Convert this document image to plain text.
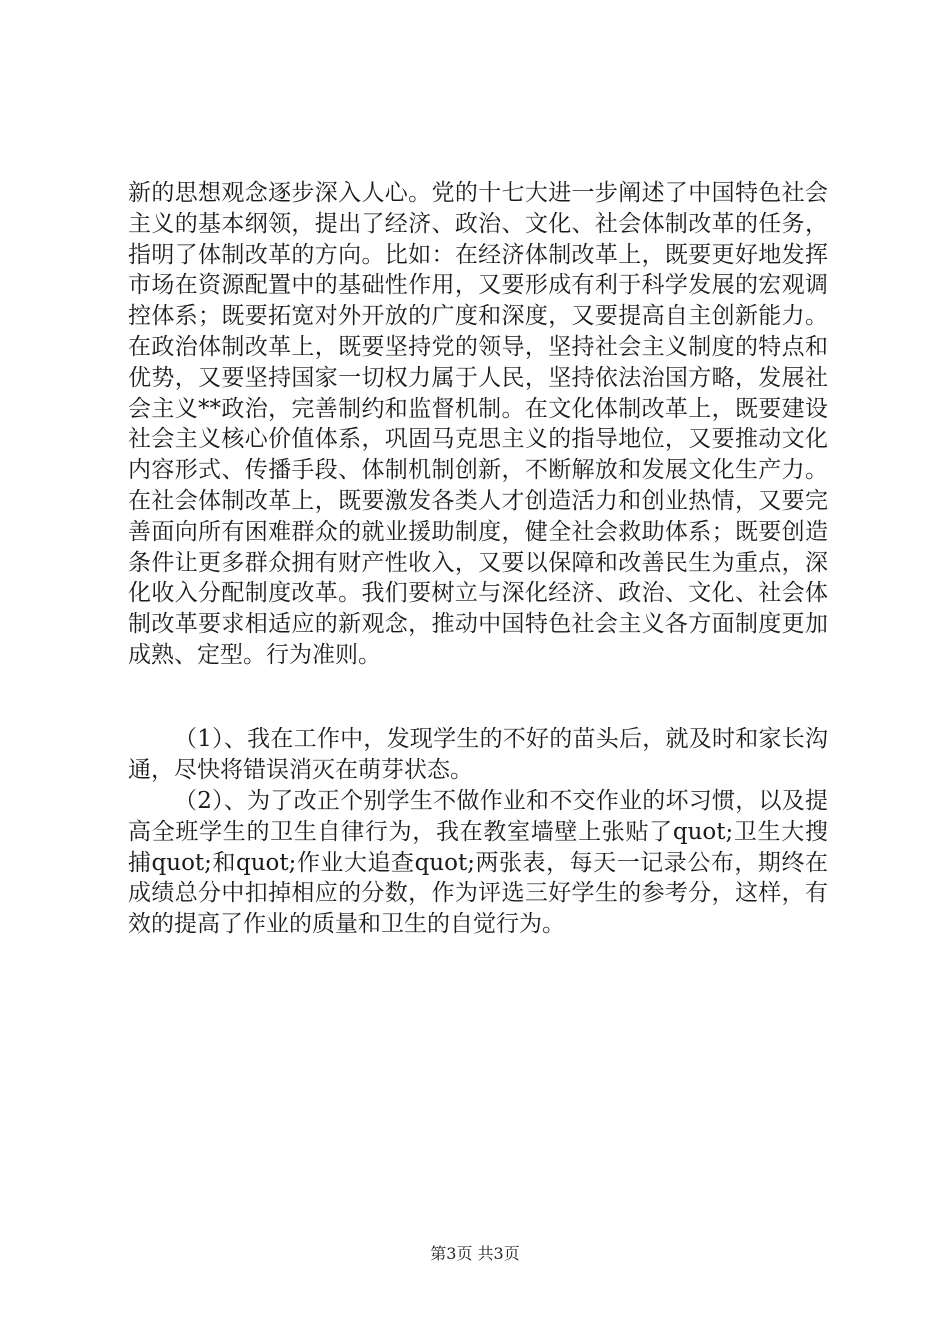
新的思想观念逐步深入人心。党的十七大进一步阐述了中国特色社会主义的基本纲领，提出了经济、政治、文化、社会体制改革的任务，指明了体制改革的方向。比如：在经济体制改革上，既要更好地发挥市场在资源配置中的基础性作用，又要形成有利于科学发展的宏观调控体系；既要拓宽对外开放的广度和深度，又要提高自主创新能力。在政治体制改革上，既要坚持党的领导，坚持社会主义制度的特点和优势，又要坚持国家一切权力属于人民，坚持依法治国方略，发展社会主义**政治，完善制约和监督机制。在文化体制改革上，既要建设社会主义核心价值体系，巩固马克思主义的指导地位，又要推动文化内容形式、传播手段、体制机制创新，不断解放和发展文化生产力。在社会体制改革上，既要激发各类人才创造活力和创业热情，又要完善面向所有困难群众的就业援助制度，健全社会救助体系；既要创造条件让更多群众拥有财产性收入，又要以保障和改善民生为重点，深化收入分配制度改革。我们要树立与深化经济、政治、文化、社会体制改革要求相适应的新观念，推动中国特色社会主义各方面制度更加成熟、定型。行为准则。

（1）、我在工作中，发现学生的不好的苗头后，就及时和家长沟通，尽快将错误消灭在萌芽状态。

（2）、为了改正个别学生不做作业和不交作业的坏习惯，以及提高全班学生的卫生自律行为，我在教室墙壁上张贴了quot;卫生大搜捕quot;和quot;作业大追查quot;两张表，每天一记录公布，期终在成绩总分中扣掉相应的分数，作为评选三好学生的参考分，这样，有效的提高了作业的质量和卫生的自觉行为。

第3页 共3页
